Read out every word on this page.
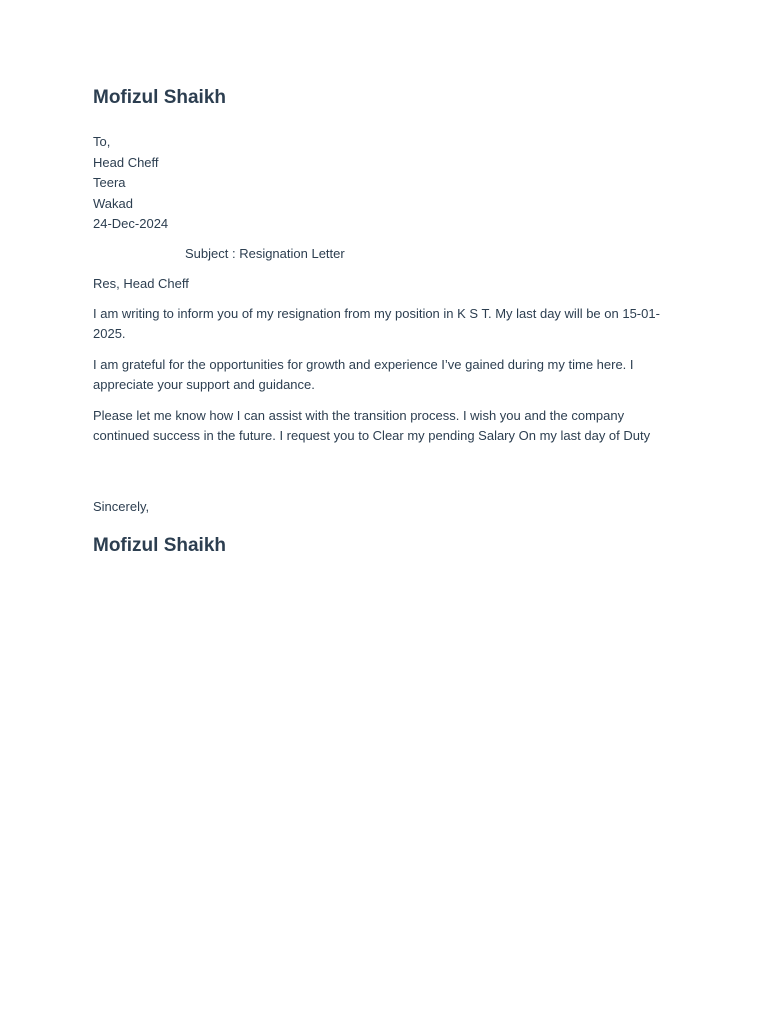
Mofizul Shaikh
To,
Head Cheff
Teera
Wakad
24-Dec-2024
Subject : Resignation Letter
Res, Head Cheff
I am writing to inform you of my resignation from my position in K S T. My last day will be on 15-01-2025.
I am grateful for the opportunities for growth and experience I’ve gained during my time here. I appreciate your support and guidance.
Please let me know how I can assist with the transition process. I wish you and the company continued success in the future. I request you to Clear my pending Salary On my last day of Duty
Sincerely,
Mofizul Shaikh
